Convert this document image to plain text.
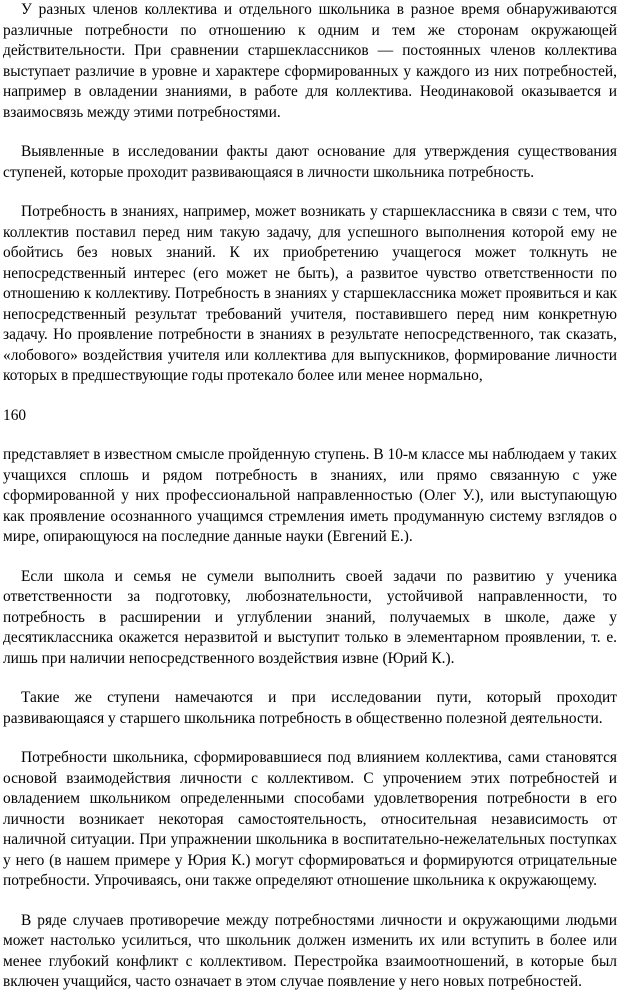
У разных членов коллектива и отдельного школьника в разное время обнаруживаются различные потребности по отношению к одним и тем же сторонам окружающей действительности. При сравнении старшеклассников — постоянных членов коллектива выступает различие в уровне и характере сформированных у каждого из них потребностей, например в овладении знаниями, в работе для коллектива. Неодинаковой оказывается и взаимосвязь между этими потребностями.

Выявленные в исследовании факты дают основание для утверждения существования ступеней, которые проходит развивающаяся в личности школьника потребность.

Потребность в знаниях, например, может возникать у старшеклассника в связи с тем, что коллектив поставил перед ним такую задачу, для успешного выполнения которой ему не обойтись без новых знаний. К их приобретению учащегося может толкнуть не непосредственный интерес (его может не быть), а развитое чувство ответственности по отношению к коллективу. Потребность в знаниях у старшеклассника может проявиться и как непосредственный результат требований учителя, поставившего перед ним конкретную задачу. Но проявление потребности в знаниях в результате непосредственного, так сказать, «лобового» воздействия учителя или коллектива для выпускников, формирование личности которых в предшествующие годы протекало более или менее нормально,

160

представляет в известном смысле пройденную ступень. В 10-м классе мы наблюдаем у таких учащихся сплошь и рядом потребность в знаниях, или прямо связанную с уже сформированной у них профессиональной направленностью (Олег У.), или выступающую как проявление осознанного учащимся стремления иметь продуманную систему взглядов о мире, опирающуюся на последние данные науки (Евгений Е.).

Если школа и семья не сумели выполнить своей задачи по развитию у ученика ответственности за подготовку, любознательности, устойчивой направленности, то потребность в расширении и углублении знаний, получаемых в школе, даже у десятиклассника окажется неразвитой и выступит только в элементарном проявлении, т. е. лишь при наличии непосредственного воздействия извне (Юрий К.).

Такие же ступени намечаются и при исследовании пути, который проходит развивающаяся у старшего школьника потребность в общественно полезной деятельности.

Потребности школьника, сформировавшиеся под влиянием коллектива, сами становятся основой взаимодействия личности с коллективом. С упрочением этих потребностей и овладением школьником определенными способами удовлетворения потребности в его личности возникает некоторая самостоятельность, относительная независимость от наличной ситуации. При упражнении школьника в воспитательно-нежелательных поступках у него (в нашем примере у Юрия К.) могут сформироваться и формируются отрицательные потребности. Упрочиваясь, они также определяют отношение школьника к окружающему.

В ряде случаев противоречие между потребностями личности и окружающими людьми может настолько усилиться, что школьник должен изменить их или вступить в более или менее глубокий конфликт с коллективом. Перестройка взаимоотношений, в которые был включен учащийся, часто означает в этом случае появление у него новых потребностей.
